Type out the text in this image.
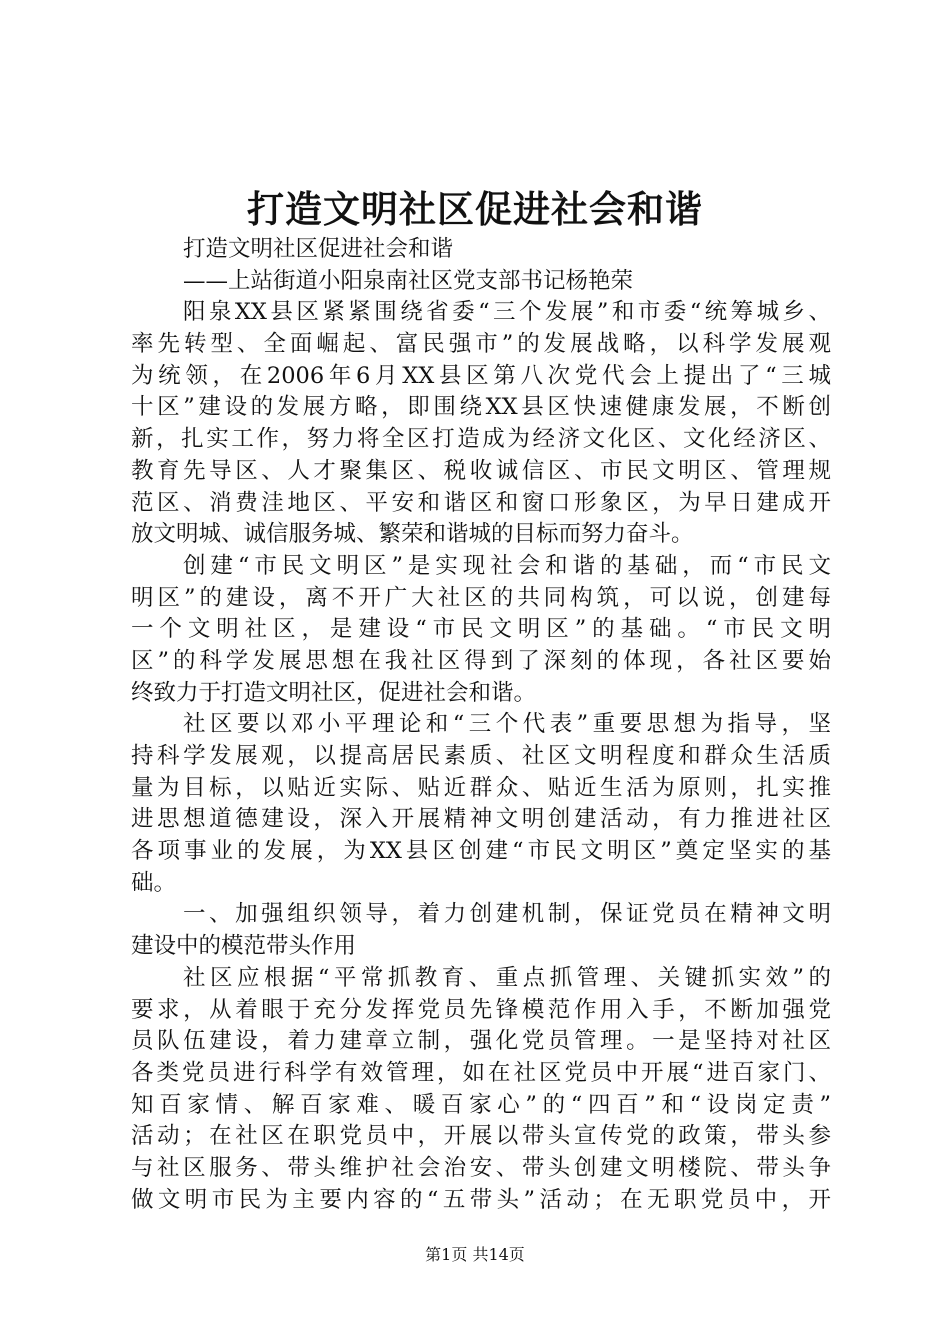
打造文明社区促进社会和谐
打造文明社区促进社会和谐
——上站街道小阳泉南社区党支部书记杨艳荣
阳泉XX县区紧紧围绕省委“三个发展”和市委“统筹城乡、
率先转型、全面崛起、富民强市”的发展战略，以科学发展观
为统领，在2006年6月XX县区第八次党代会上提出了“三城
十区”建设的发展方略，即围绕XX县区快速健康发展，不断创
新，扎实工作，努力将全区打造成为经济文化区、文化经济区、
教育先导区、人才聚集区、税收诚信区、市民文明区、管理规
范区、消费洼地区、平安和谐区和窗口形象区，为早日建成开
放文明城、诚信服务城、繁荣和谐城的目标而努力奋斗。
创建“市民文明区”是实现社会和谐的基础，而“市民文
明区”的建设，离不开广大社区的共同构筑，可以说，创建每
一个文明社区，是建设“市民文明区”的基础。“市民文明
区”的科学发展思想在我社区得到了深刻的体现，各社区要始
终致力于打造文明社区，促进社会和谐。
社区要以邓小平理论和“三个代表”重要思想为指导，坚
持科学发展观，以提高居民素质、社区文明程度和群众生活质
量为目标，以贴近实际、贴近群众、贴近生活为原则，扎实推
进思想道德建设，深入开展精神文明创建活动，有力推进社区
各项事业的发展，为XX县区创建“市民文明区”奠定坚实的基
础。
一、加强组织领导，着力创建机制，保证党员在精神文明
建设中的模范带头作用
社区应根据“平常抓教育、重点抓管理、关键抓实效”的
要求，从着眼于充分发挥党员先锋模范作用入手，不断加强党
员队伍建设，着力建章立制，强化党员管理。一是坚持对社区
各类党员进行科学有效管理，如在社区党员中开展“进百家门、
知百家情、解百家难、暖百家心”的“四百”和“设岗定责”
活动；在社区在职党员中，开展以带头宣传党的政策，带头参
与社区服务、带头维护社会治安、带头创建文明楼院、带头争
做文明市民为主要内容的“五带头”活动；在无职党员中，开
第1页 共14页
